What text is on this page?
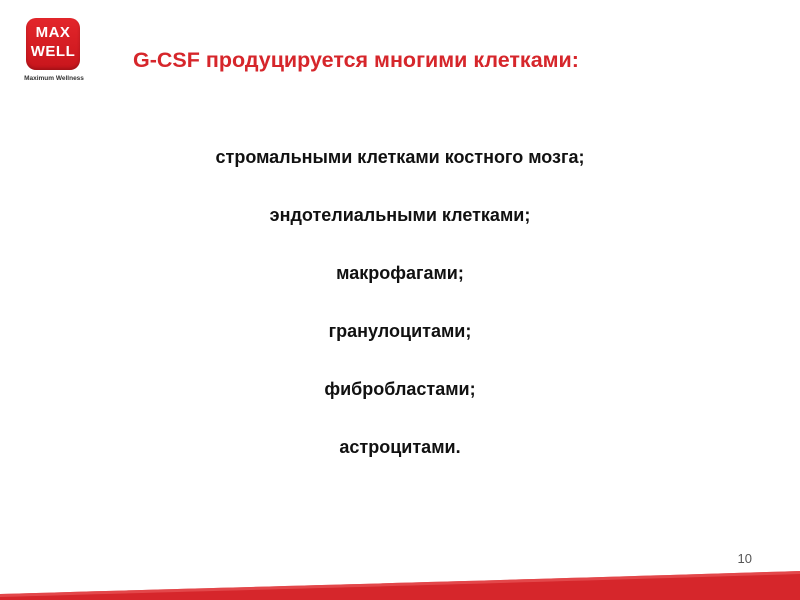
MAX
WELL
Maximum Wellness
G-CSF продуцируется многими клетками:
стромальными клетками костного мозга;
эндотелиальными клетками;
макрофагами;
гранулоцитами;
фибробластами;
астроцитами.
10
